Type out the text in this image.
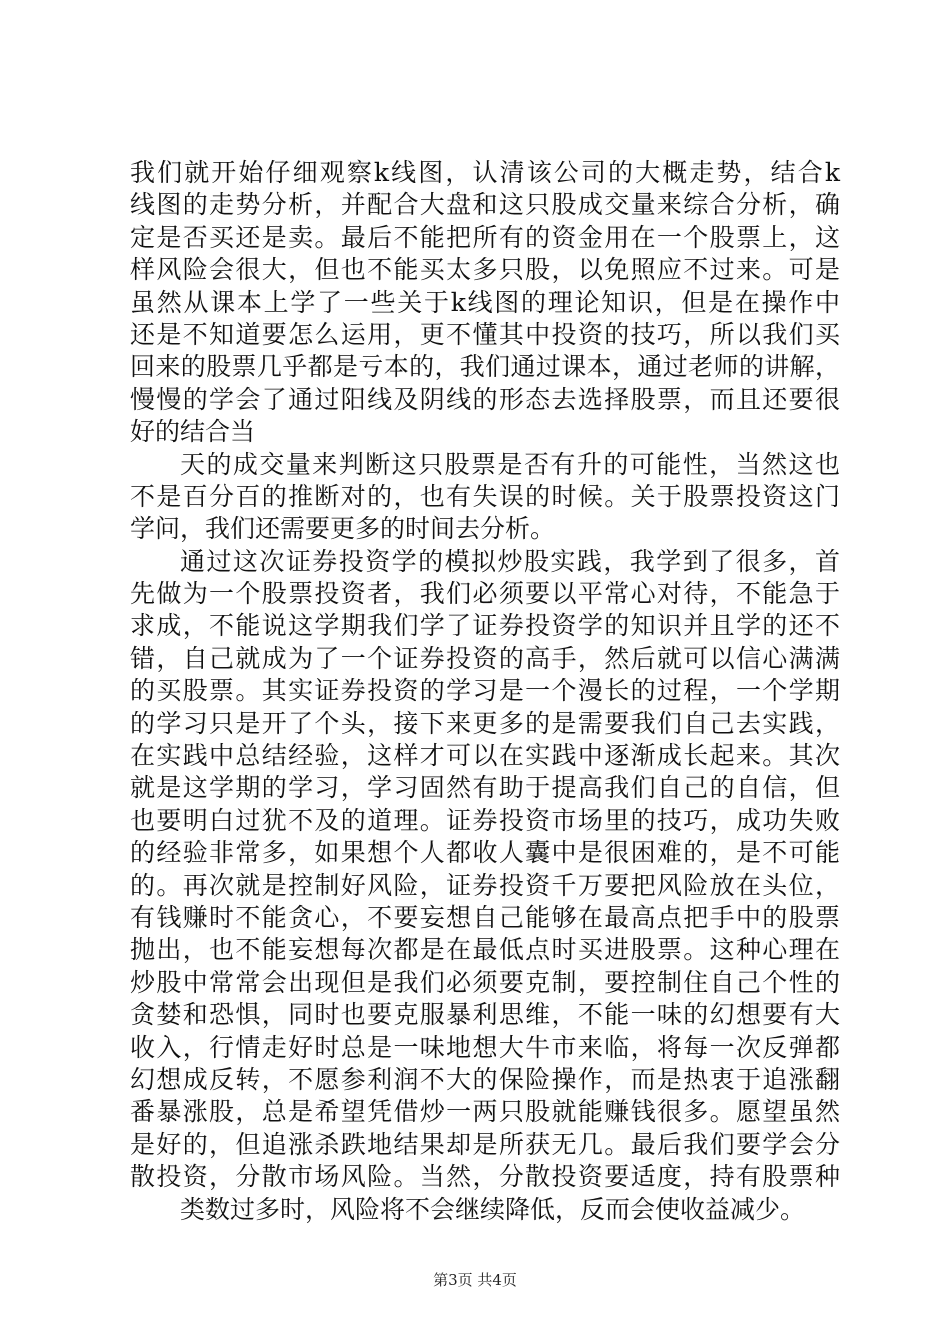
我们就开始仔细观察k线图，认清该公司的大概走势，结合k
线图的走势分析，并配合大盘和这只股成交量来综合分析，确
定是否买还是卖。最后不能把所有的资金用在一个股票上，这
样风险会很大，但也不能买太多只股，以免照应不过来。可是
虽然从课本上学了一些关于k线图的理论知识，但是在操作中
还是不知道要怎么运用，更不懂其中投资的技巧，所以我们买
回来的股票几乎都是亏本的，我们通过课本，通过老师的讲解，
慢慢的学会了通过阳线及阴线的形态去选择股票，而且还要很
好的结合当
天的成交量来判断这只股票是否有升的可能性，当然这也
不是百分百的推断对的，也有失误的时候。关于股票投资这门
学问，我们还需要更多的时间去分析。
通过这次证券投资学的模拟炒股实践，我学到了很多，首
先做为一个股票投资者，我们必须要以平常心对待，不能急于
求成，不能说这学期我们学了证券投资学的知识并且学的还不
错，自己就成为了一个证券投资的高手，然后就可以信心满满
的买股票。其实证券投资的学习是一个漫长的过程，一个学期
的学习只是开了个头，接下来更多的是需要我们自己去实践，
在实践中总结经验，这样才可以在实践中逐渐成长起来。其次
就是这学期的学习，学习固然有助于提高我们自己的自信，但
也要明白过犹不及的道理。证券投资市场里的技巧，成功失败
的经验非常多，如果想个人都收人囊中是很困难的，是不可能
的。再次就是控制好风险，证券投资千万要把风险放在头位，
有钱赚时不能贪心，不要妄想自己能够在最高点把手中的股票
抛出，也不能妄想每次都是在最低点时买进股票。这种心理在
炒股中常常会出现但是我们必须要克制，要控制住自己个性的
贪婪和恐惧，同时也要克服暴利思维，不能一味的幻想要有大
收入，行情走好时总是一味地想大牛市来临，将每一次反弹都
幻想成反转，不愿参利润不大的保险操作，而是热衷于追涨翻
番暴涨股，总是希望凭借炒一两只股就能赚钱很多。愿望虽然
是好的，但追涨杀跌地结果却是所获无几。最后我们要学会分
散投资，分散市场风险。当然，分散投资要适度，持有股票种
类数过多时，风险将不会继续降低，反而会使收益减少。
第3页 共4页
